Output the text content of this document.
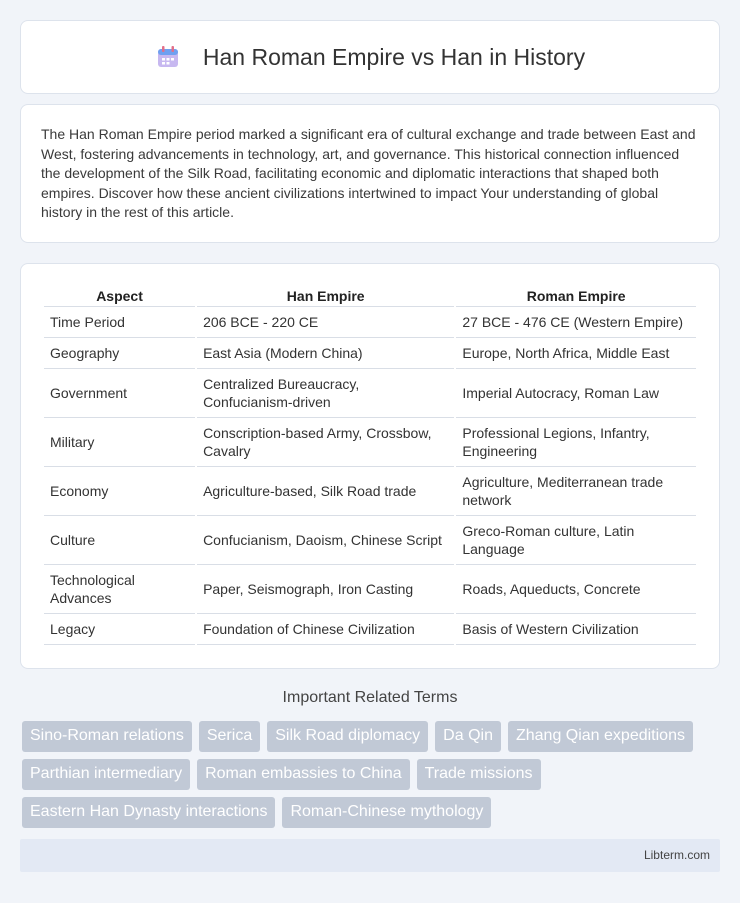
Han Roman Empire vs Han in History

The Han Roman Empire period marked a significant era of cultural exchange and trade between East and West, fostering advancements in technology, art, and governance. This historical connection influenced the development of the Silk Road, facilitating economic and diplomatic interactions that shaped both empires. Discover how these ancient civilizations intertwined to impact Your understanding of global history in the rest of this article.

Aspect	Han Empire	Roman Empire
Time Period	206 BCE - 220 CE	27 BCE - 476 CE (Western Empire)
Geography	East Asia (Modern China)	Europe, North Africa, Middle East
Government	Centralized Bureaucracy, Confucianism-driven	Imperial Autocracy, Roman Law
Military	Conscription-based Army, Crossbow, Cavalry	Professional Legions, Infantry, Engineering
Economy	Agriculture-based, Silk Road trade	Agriculture, Mediterranean trade network
Culture	Confucianism, Daoism, Chinese Script	Greco-Roman culture, Latin Language
Technological Advances	Paper, Seismograph, Iron Casting	Roads, Aqueducts, Concrete
Legacy	Foundation of Chinese Civilization	Basis of Western Civilization
Important Related Terms
Sino-Roman relations	Serica	Silk Road diplomacy	Da Qin	Zhang Qian expeditions
Parthian intermediary	Roman embassies to China	Trade missions
Eastern Han Dynasty interactions	Roman-Chinese mythology
Libterm.com
